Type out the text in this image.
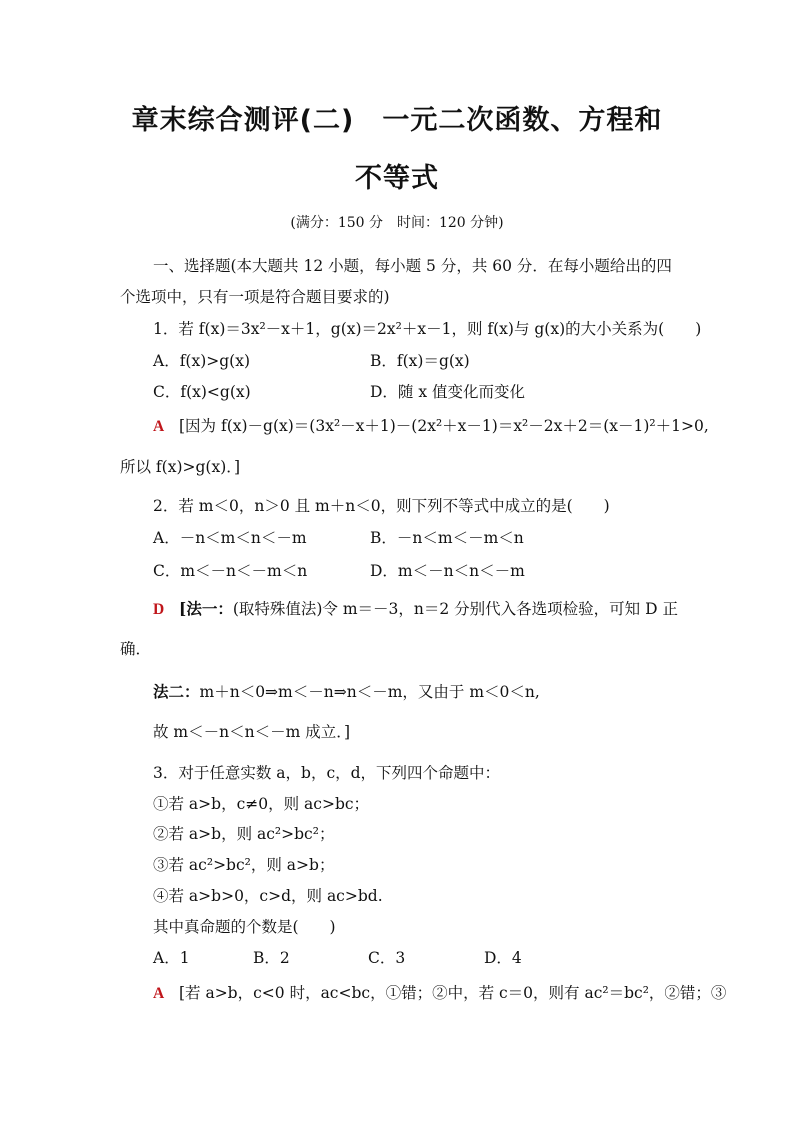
章末综合测评(二)　一元二次函数、方程和
不等式
(满分：150 分　时间：120 分钟)
一、选择题(本大题共 12 小题，每小题 5 分，共 60 分．在每小题给出的四
个选项中，只有一项是符合题目要求的)
1．若 f(x)＝3x²－x＋1，g(x)＝2x²＋x－1，则 f(x)与 g(x)的大小关系为(　　)
A．f(x)>g(x)	B．f(x)＝g(x)
C．f(x)<g(x)	D．随 x 值变化而变化
A [因为 f(x)－g(x)＝(3x²－x＋1)－(2x²＋x－1)＝x²－2x＋2＝(x－1)²＋1>0,
所以 f(x)>g(x)．]
2．若 m＜0，n＞0 且 m＋n＜0，则下列不等式中成立的是(　　)
A．－n＜m＜n＜－m	B．－n＜m＜－m＜n
C．m＜－n＜－m＜n	D．m＜－n＜n＜－m
D [法一：(取特殊值法)令 m＝－3，n＝2 分别代入各选项检验，可知 D 正
确．
法二：m＋n＜0⇒m＜－n⇒n＜－m，又由于 m＜0＜n,
故 m＜－n＜n＜－m 成立．]
3．对于任意实数 a，b，c，d，下列四个命题中：
①若 a>b，c≠0，则 ac>bc；
②若 a>b，则 ac²>bc²；
③若 ac²>bc²，则 a>b；
④若 a>b>0，c>d，则 ac>bd.
其中真命题的个数是(　　)
A．1	B．2	C．3	D．4
A [若 a>b，c<0 时，ac<bc，①错；②中，若 c＝0，则有 ac²＝bc²，②错；③
